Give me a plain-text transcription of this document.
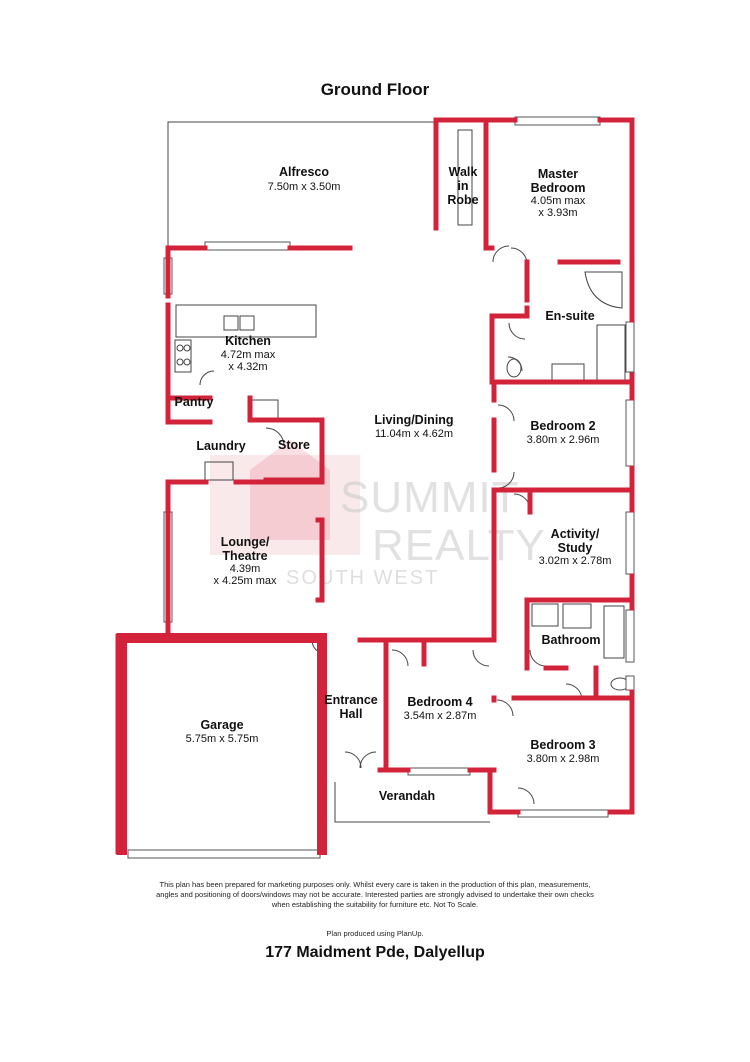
Ground Floor
SUMMIT
REALTY
SOUTH WEST
Alfresco
7.50m x 3.50m
Walk
in
Robe
Master
Bedroom
4.05m max
x 3.93m
Kitchen
4.72m max
x 4.32m
En-suite
Pantry
Living/Dining
11.04m x 4.62m
Bedroom 2
3.80m x 2.96m
Laundry	Store
Activity/
Study
3.02m x 2.78m
Lounge/
Theatre
4.39m
x 4.25m max
Bathroom
Garage
5.75m x 5.75m
Entrance
Hall
Bedroom 4
3.54m x 2.87m
Bedroom 3
3.80m x 2.98m
Verandah
This plan has been prepared for marketing purposes only. Whilst every care is taken in the production of this plan, measurements, angles and positioning of doors/windows may not be accurate. Interested parties are strongly advised to undertake their own checks when establishing the suitability for furniture etc. Not To Scale.
Plan produced using PlanUp.
177 Maidment Pde, Dalyellup
